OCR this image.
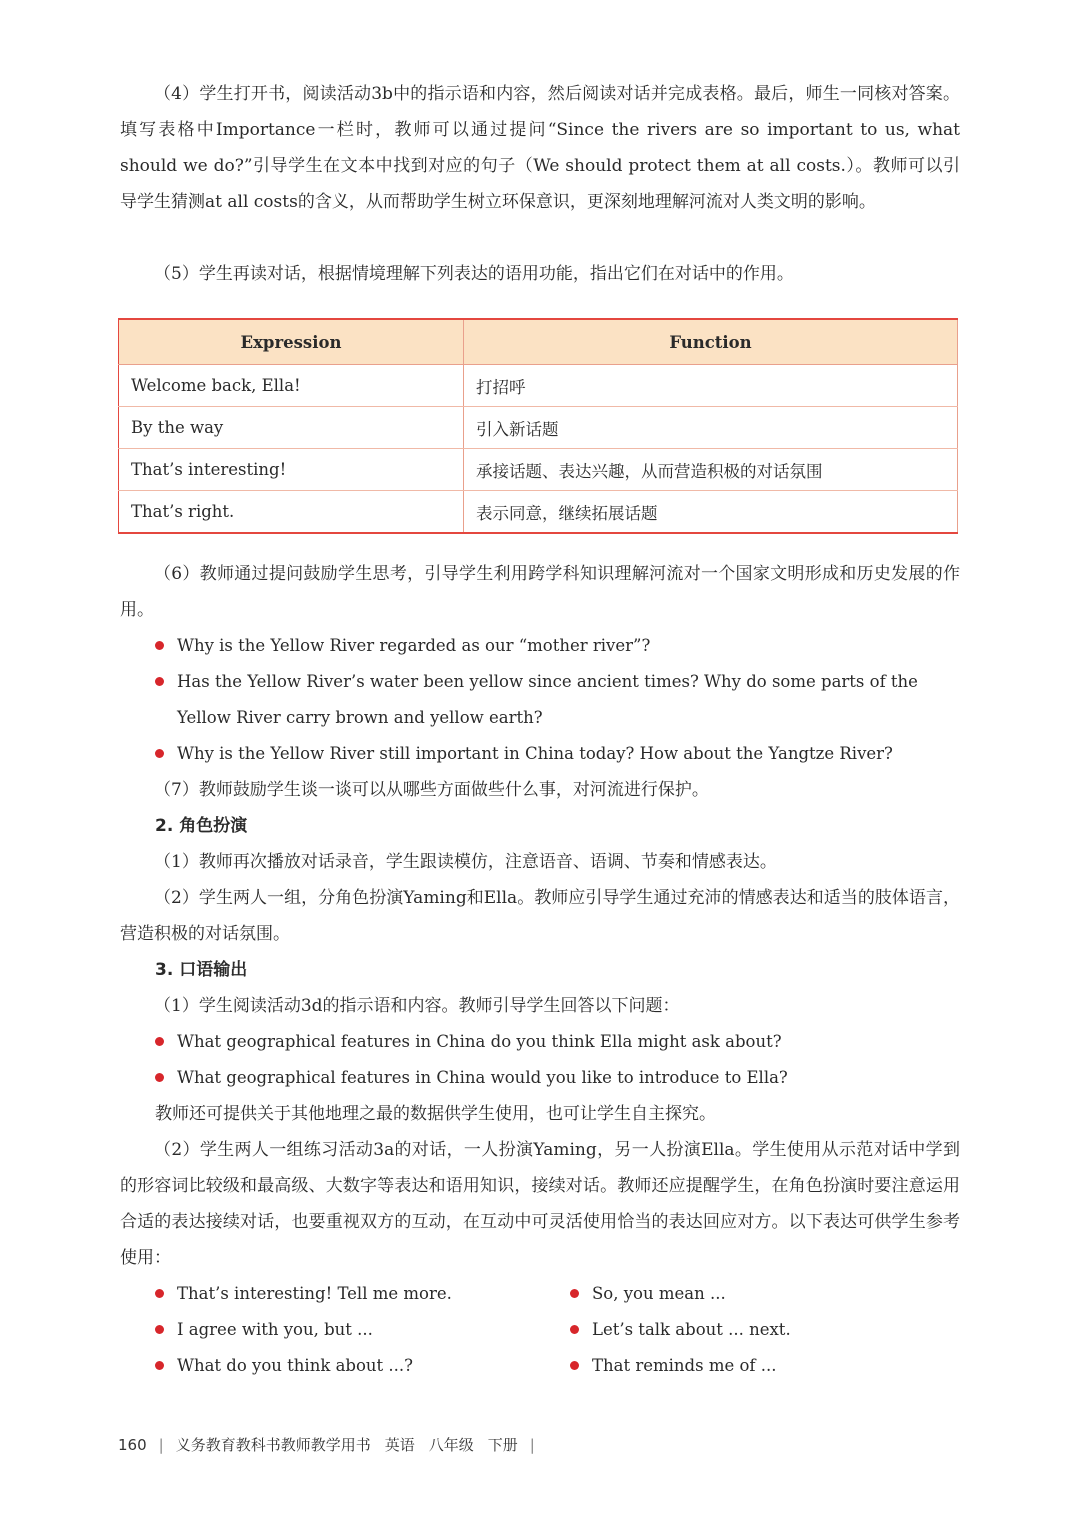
（4）学生打开书，阅读活动3b中的指示语和内容，然后阅读对话并完成表格。最后，师生一同核对答案。填写表格中Importance一栏时，教师可以通过提问“Since the rivers are so important to us, what should we do?”引导学生在文本中找到对应的句子（We should protect them at all costs.）。教师可以引导学生猜测at all costs的含义，从而帮助学生树立环保意识，更深刻地理解河流对人类文明的影响。
（5）学生再读对话，根据情境理解下列表达的语用功能，指出它们在对话中的作用。
Expression	Function
Welcome back, Ella!	打招呼
By the way	引入新话题
That’s interesting!	承接话题、表达兴趣，从而营造积极的对话氛围
That’s right.	表示同意，继续拓展话题
（6）教师通过提问鼓励学生思考，引导学生利用跨学科知识理解河流对一个国家文明形成和历史发展的作用。
Why is the Yellow River regarded as our “mother river”?
Has the Yellow River’s water been yellow since ancient times? Why do some parts of the Yellow River carry brown and yellow earth?
Why is the Yellow River still important in China today? How about the Yangtze River?
（7）教师鼓励学生谈一谈可以从哪些方面做些什么事，对河流进行保护。
2. 角色扮演
（1）教师再次播放对话录音，学生跟读模仿，注意语音、语调、节奏和情感表达。
（2）学生两人一组，分角色扮演Yaming和Ella。教师应引导学生通过充沛的情感表达和适当的肢体语言，营造积极的对话氛围。
3. 口语输出
（1）学生阅读活动3d的指示语和内容。教师引导学生回答以下问题：
What geographical features in China do you think Ella might ask about?
What geographical features in China would you like to introduce to Ella?
教师还可提供关于其他地理之最的数据供学生使用，也可让学生自主探究。
（2）学生两人一组练习活动3a的对话，一人扮演Yaming，另一人扮演Ella。学生使用从示范对话中学到的形容词比较级和最高级、大数字等表达和语用知识，接续对话。教师还应提醒学生，在角色扮演时要注意运用合适的表达接续对话，也要重视双方的互动，在互动中可灵活使用恰当的表达回应对方。以下表达可供学生参考使用：
That’s interesting! Tell me more.
I agree with you, but ...
What do you think about ...?
So, you mean ...
Let’s talk about ... next.
That reminds me of ...
160 | 义务教育教科书教师教学用书 英语 八年级 下册 |
